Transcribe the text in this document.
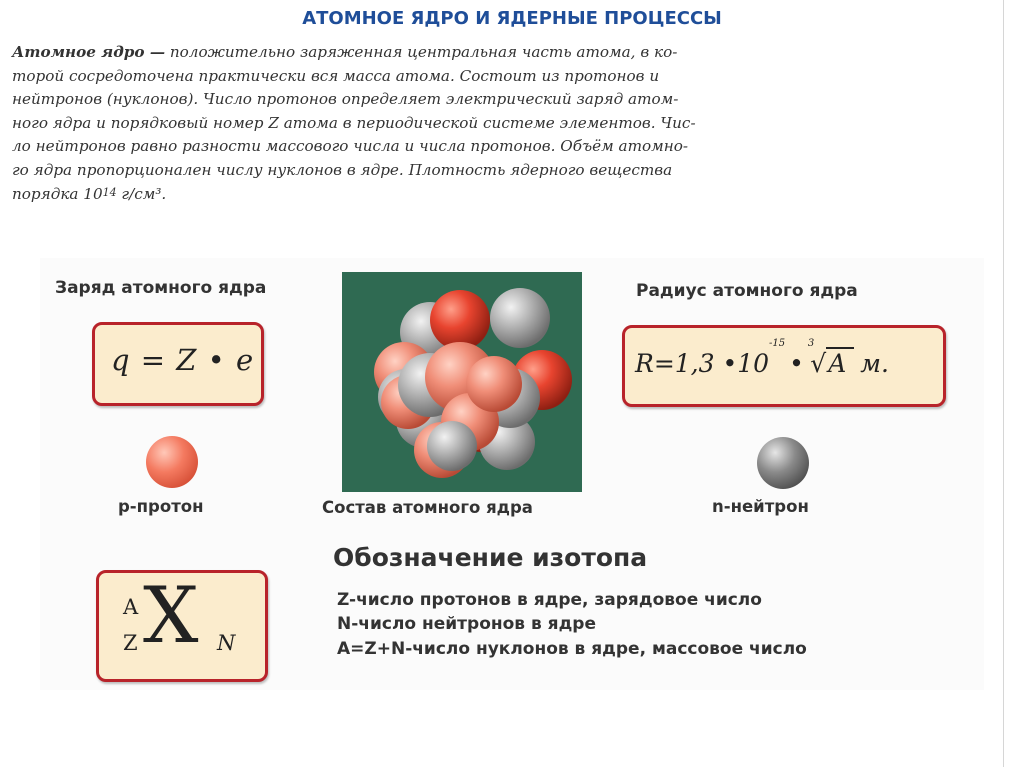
АТОМНОЕ ЯДРО И ЯДЕРНЫЕ ПРОЦЕССЫ
Атомное ядро — положительно заряженная центральная часть атома, в ко-
торой сосредоточена практически вся масса атома. Состоит из протонов и
нейтронов (нуклонов). Число протонов определяет электрический заряд атом-
ного ядра и порядковый номер Z атома в периодической системе элементов. Чис-
ло нейтронов равно разности массового числа и числа протонов. Объём атомно-
го ядра пропорционален числу нуклонов в ядре. Плотность ядерного вещества
порядка $10^{14}$ г/см³.
Заряд атомного ядра
q = Z • e
Радиус атомного ядра
R=1,3 $•10^{-15}•^3√A$ м.
Состав атомного ядра
р-протон	n-нейтрон
A
Z X N
Обозначение изотопа
Z-число протонов в ядре, зарядовое число
N-число нейтронов в ядре
A=Z+N-число нуклонов в ядре, массовое число
